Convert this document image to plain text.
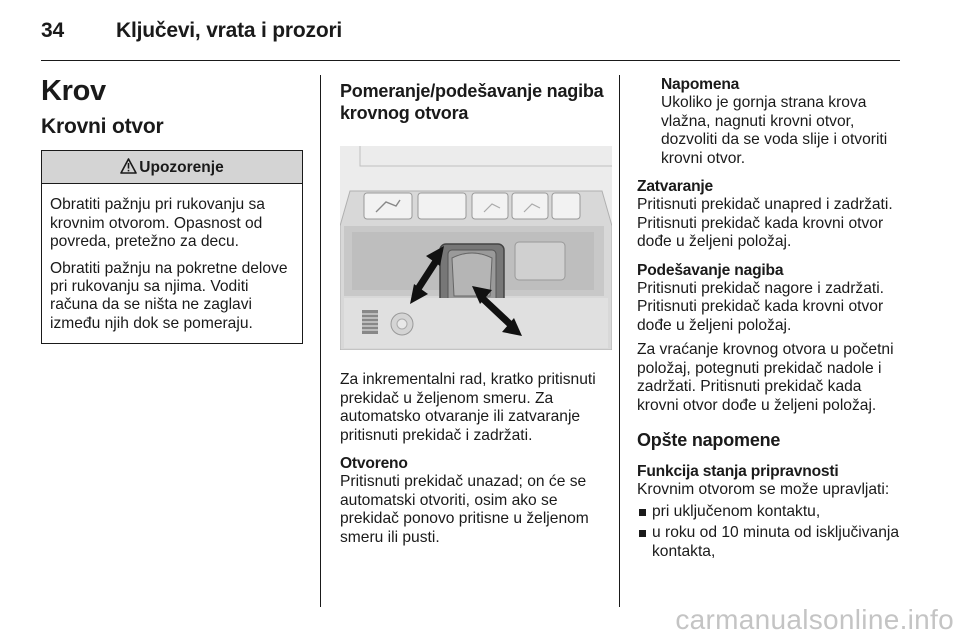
34 Ključevi, vrata i prozori
Krov
Krovni otvor
Upozorenje

Obratiti pažnju pri rukovanju sa krovnim otvorom. Opasnost od povreda, pretežno za decu.

Obratiti pažnju na pokretne delove pri rukovanju sa njima. Voditi računa da se ništa ne zaglavi između njih dok se pomeraju.

Pomeranje/podešavanje nagiba krovnog otvora

Za inkrementalni rad, kratko pritisnuti prekidač u željenom smeru. Za automatsko otvaranje ili zatvaranje pritisnuti prekidač i zadržati.

Otvoreno
Pritisnuti prekidač unazad; on će se automatski otvoriti, osim ako se prekidač ponovo pritisne u željenom smeru ili pusti.

Napomena
Ukoliko je gornja strana krova vlažna, nagnuti krovni otvor, dozvoliti da se voda slije i otvoriti krovni otvor.

Zatvaranje
Pritisnuti prekidač unapred i zadržati. Pritisnuti prekidač kada krovni otvor dođe u željeni položaj.

Podešavanje nagiba
Pritisnuti prekidač nagore i zadržati. Pritisnuti prekidač kada krovni otvor dođe u željeni položaj.

Za vraćanje krovnog otvora u početni položaj, potegnuti prekidač nadole i zadržati. Pritisnuti prekidač kada krovni otvor dođe u željeni položaj.

Opšte napomene
Funkcija stanja pripravnosti
Krovnim otvorom se može upravljati:
pri uključenom kontaktu,
u roku od 10 minuta od isključivanja kontakta,
carmanualsonline.info
